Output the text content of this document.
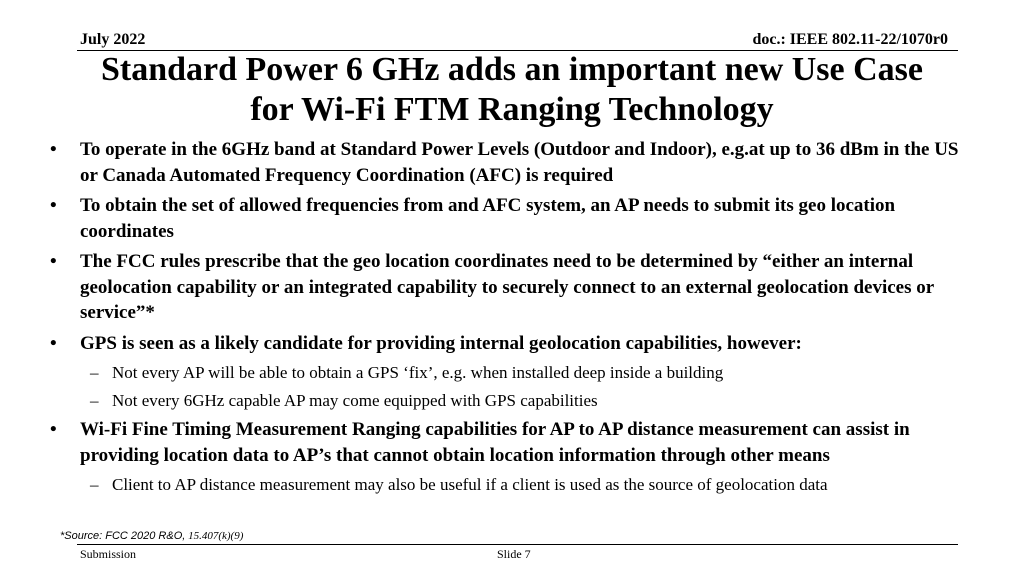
July 2022	doc.: IEEE 802.11-22/1070r0
Standard Power 6 GHz adds an important new Use Case
for Wi-Fi FTM Ranging Technology
• To operate in the 6GHz band at Standard Power Levels (Outdoor and Indoor), e.g.at up to 36 dBm in the US or Canada Automated Frequency Coordination (AFC) is required
• To obtain the set of allowed frequencies from and AFC system, an AP needs to submit its geo location coordinates
• The FCC rules prescribe that the geo location coordinates need to be determined by “either an internal geolocation capability or an integrated capability to securely connect to an external geolocation devices or service”*
• GPS is seen as a likely candidate for providing internal geolocation capabilities, however:
– Not every AP will be able to obtain a GPS ‘fix’, e.g. when installed deep inside a building
– Not every 6GHz capable AP may come equipped with GPS capabilities
• Wi-Fi Fine Timing Measurement Ranging capabilities for AP to AP distance measurement can assist in providing location data to AP’s that cannot obtain location information through other means
– Client to AP distance measurement may also be useful if a client is used as the source of geolocation data
*Source: FCC 2020 R&O, 15.407(k)(9)
Submission	Slide 7
